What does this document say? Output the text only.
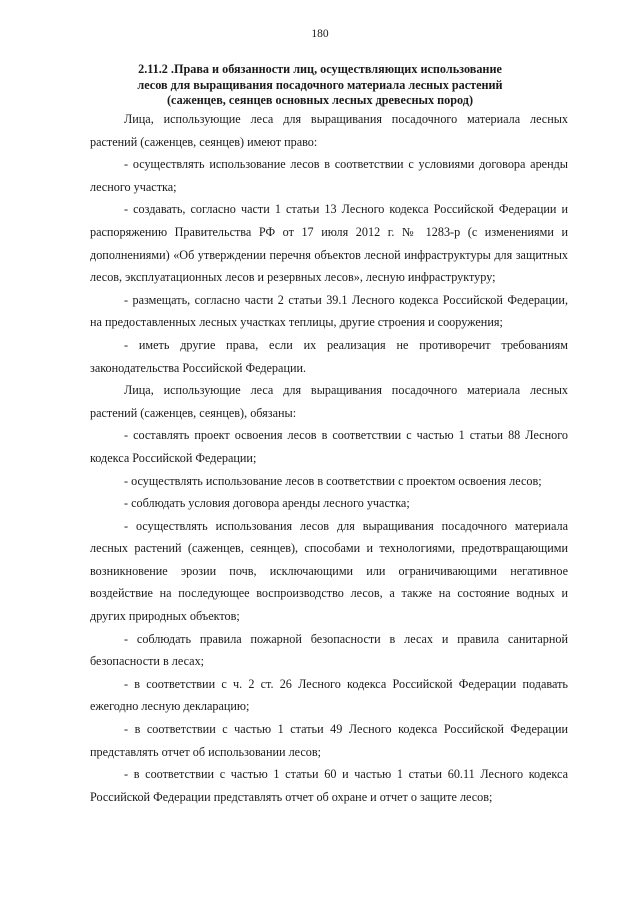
180
2.11.2 .Права и обязанности лиц, осуществляющих использование
лесов для выращивания посадочного материала лесных растений
(саженцев, сеянцев основных лесных древесных пород)

Лица, использующие леса для выращивания посадочного материала лесных растений (саженцев, сеянцев) имеют право:

- осуществлять использование лесов в соответствии с условиями договора аренды лесного участка;

- создавать, согласно части 1 статьи 13 Лесного кодекса Российской Федерации и распоряжению Правительства РФ от 17 июля 2012 г. № 1283-р (с изменениями и дополнениями) «Об утверждении перечня объектов лесной инфраструктуры для защитных лесов, эксплуатационных лесов и резервных лесов», лесную инфраструктуру;

- размещать, согласно части 2 статьи 39.1 Лесного кодекса Российской Федерации, на предоставленных лесных участках теплицы, другие строения и сооружения;

- иметь другие права, если их реализация не противоречит требованиям законодательства Российской Федерации.

Лица, использующие леса для выращивания посадочного материала лесных растений (саженцев, сеянцев), обязаны:

- составлять проект освоения лесов в соответствии с частью 1 статьи 88 Лесного кодекса Российской Федерации;

- осуществлять использование лесов в соответствии с проектом освоения лесов;

- соблюдать условия договора аренды лесного участка;

- осуществлять использования лесов для выращивания посадочного материала лесных растений (саженцев, сеянцев), способами и технологиями, предотвращающими возникновение эрозии почв, исключающими или ограничивающими негативное воздействие на последующее воспроизводство лесов, а также на состояние водных и других природных объектов;

- соблюдать правила пожарной безопасности в лесах и правила санитарной безопасности в лесах;

- в соответствии с ч. 2 ст. 26 Лесного кодекса Российской Федерации подавать ежегодно лесную декларацию;

- в соответствии с частью 1 статьи 49 Лесного кодекса Российской Федерации представлять отчет об использовании лесов;

- в соответствии с частью 1 статьи 60 и частью 1 статьи 60.11 Лесного кодекса Российской Федерации представлять отчет об охране и отчет о защите лесов;
